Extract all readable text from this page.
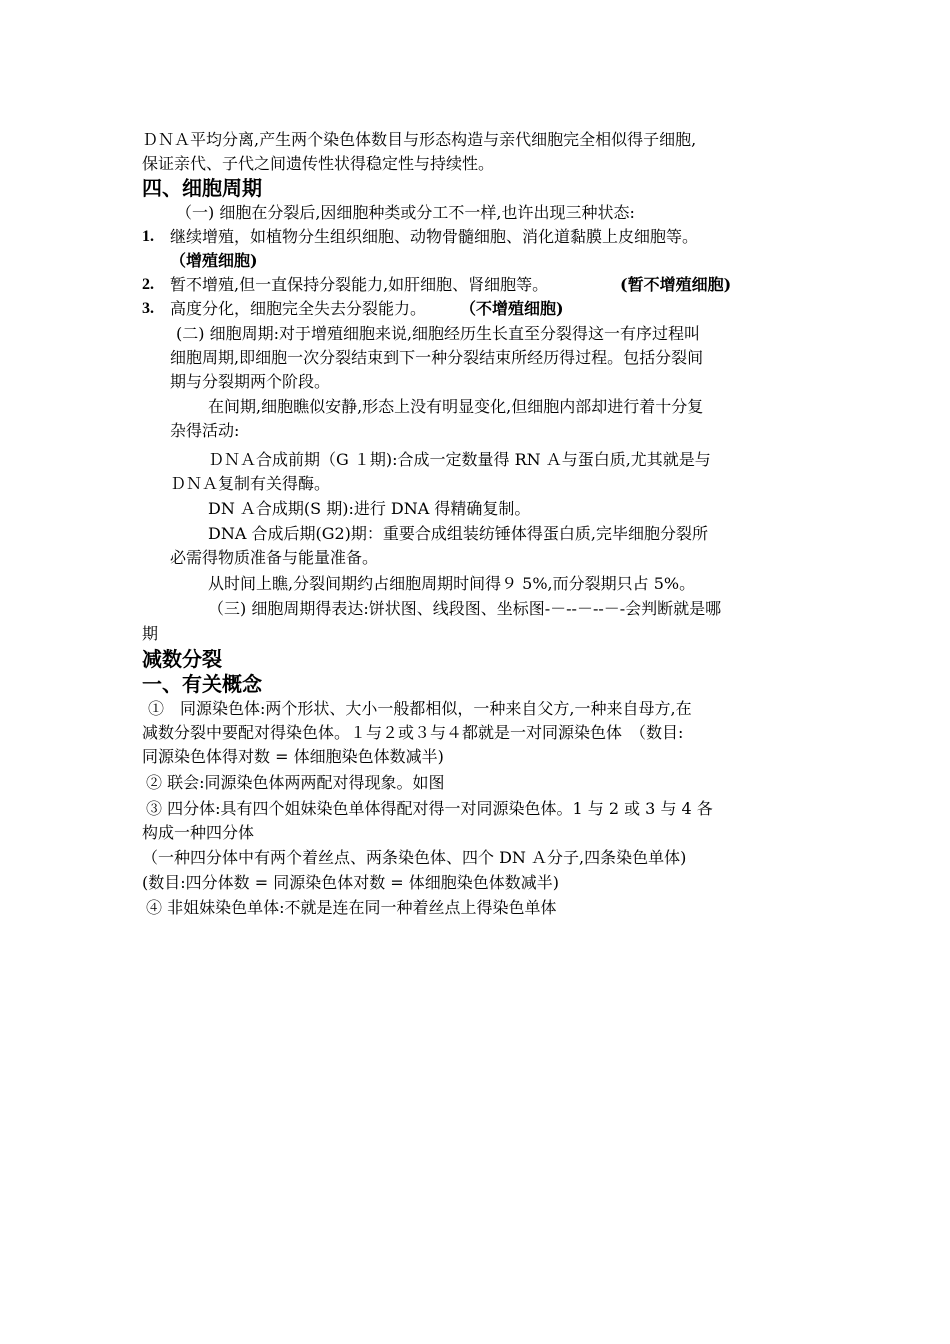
ＤＮＡ平均分离,产生两个染色体数目与形态构造与亲代细胞完全相似得子细胞,
保证亲代、子代之间遗传性状得稳定性与持续性。
四、细胞周期
（一) 细胞在分裂后,因细胞种类或分工不一样,也许出现三种状态:
1. 继续增殖，如植物分生组织细胞、动物骨髓细胞、消化道黏膜上皮细胞等。
（增殖细胞)
2. 暂不增殖,但一直保持分裂能力,如肝细胞、肾细胞等。	(暂不增殖细胞)
3. 高度分化，细胞完全失去分裂能力。 （不增殖细胞)
(二) 细胞周期:对于增殖细胞来说,细胞经历生长直至分裂得这一有序过程叫
细胞周期,即细胞一次分裂结束到下一种分裂结束所经历得过程。包括分裂间
期与分裂期两个阶段。
在间期,细胞瞧似安静,形态上没有明显变化,但细胞内部却进行着十分复
杂得活动:
ＤＮＡ合成前期（G １期):合成一定数量得 RN Ａ与蛋白质,尤其就是与
ＤＮＡ复制有关得酶。
DN Ａ合成期(S 期):进行 DNA 得精确复制。
DNA 合成后期(G2)期：重要合成组装纺锤体得蛋白质,完毕细胞分裂所
必需得物质准备与能量准备。
从时间上瞧,分裂间期约占细胞周期时间得９ 5%,而分裂期只占 5%。
（三) 细胞周期得表达:饼状图、线段图、坐标图-－--－--－-会判断就是哪
期
减数分裂
一、有关概念
①　同源染色体:两个形状、大小一般都相似，一种来自父方,一种来自母方,在
减数分裂中要配对得染色体。１与２或３与４都就是一对同源染色体　（数目:
同源染色体得对数 = 体细胞染色体数减半)
② 联会:同源染色体两两配对得现象。如图
③ 四分体:具有四个姐妹染色单体得配对得一对同源染色体。1 与 2 或 3 与 4 各
构成一种四分体
（一种四分体中有两个着丝点、两条染色体、四个 DN Ａ分子,四条染色单体)
(数目:四分体数 = 同源染色体对数 = 体细胞染色体数减半)
④ 非姐妹染色单体:不就是连在同一种着丝点上得染色单体
